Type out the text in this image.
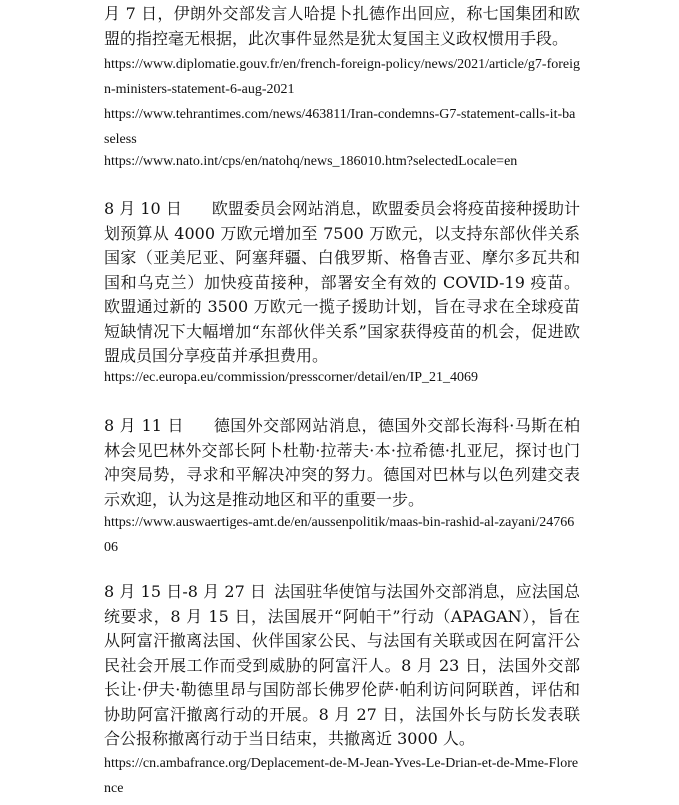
月 7 日，伊朗外交部发言人哈提卜扎德作出回应，称七国集团和欧盟的指控毫无根据，此次事件显然是犹太复国主义政权惯用手段。

https://www.diplomatie.gouv.fr/en/french-foreign-policy/news/2021/article/g7-foreign-ministers-statement-6-aug-2021
https://www.tehrantimes.com/news/463811/Iran-condemns-G7-statement-calls-it-baseless
https://www.nato.int/cps/en/natohq/news_186010.htm?selectedLocale=en

8 月 10 日 欧盟委员会网站消息，欧盟委员会将疫苗接种援助计划预算从 4000 万欧元增加至 7500 万欧元，以支持东部伙伴关系国家（亚美尼亚、阿塞拜疆、白俄罗斯、格鲁吉亚、摩尔多瓦共和国和乌克兰）加快疫苗接种，部署安全有效的 COVID-19 疫苗。欧盟通过新的 3500 万欧元一揽子援助计划，旨在寻求在全球疫苗短缺情况下大幅增加“东部伙伴关系”国家获得疫苗的机会，促进欧盟成员国分享疫苗并承担费用。

https://ec.europa.eu/commission/presscorner/detail/en/IP_21_4069

8 月 11 日 德国外交部网站消息，德国外交部长海科·马斯在柏林会见巴林外交部长阿卜杜勒·拉蒂夫·本·拉希德·扎亚尼，探讨也门冲突局势，寻求和平解决冲突的努力。德国对巴林与以色列建交表示欢迎，认为这是推动地区和平的重要一步。

https://www.auswaertiges-amt.de/en/aussenpolitik/maas-bin-rashid-al-zayani/2476606

8 月 15 日-8 月 27 日 法国驻华使馆与法国外交部消息，应法国总统要求，8 月 15 日，法国展开“阿帕干”行动（APAGAN），旨在从阿富汗撤离法国、伙伴国家公民、与法国有关联或因在阿富汗公民社会开展工作而受到威胁的阿富汗人。8 月 23 日，法国外交部长让·伊夫·勒德里昂与国防部长佛罗伦萨·帕利访问阿联酋，评估和协助阿富汗撤离行动的开展。8 月 27 日，法国外长与防长发表联合公报称撤离行动于当日结束，共撤离近 3000 人。

https://cn.ambafrance.org/Deplacement-de-M-Jean-Yves-Le-Drian-et-de-Mme-Florence
